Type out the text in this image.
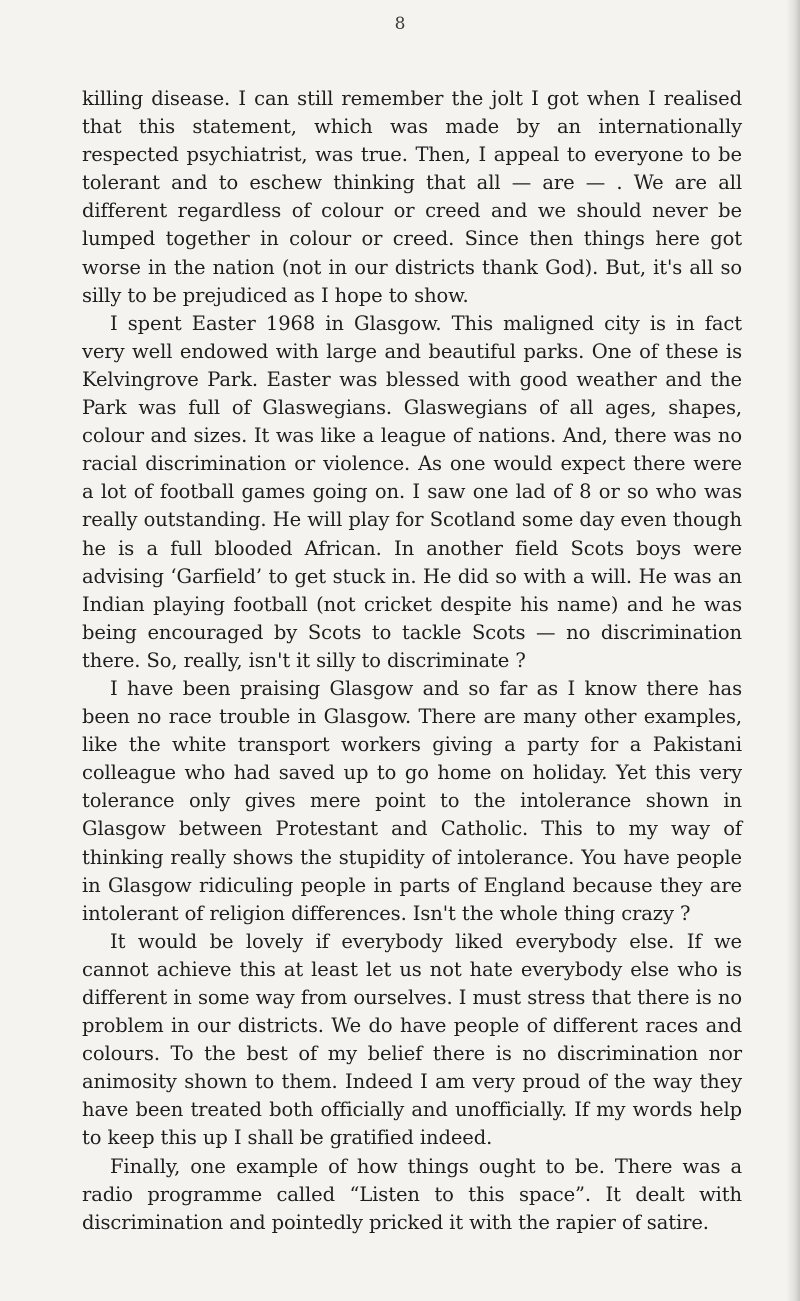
8

killing disease. I can still remember the jolt I got when I realised that this statement, which was made by an internationally respected psychiatrist, was true. Then, I appeal to everyone to be tolerant and to eschew thinking that all — are — . We are all different regardless of colour or creed and we should never be lumped together in colour or creed. Since then things here got worse in the nation (not in our districts thank God). But, it's all so silly to be prejudiced as I hope to show.

I spent Easter 1968 in Glasgow. This maligned city is in fact very well endowed with large and beautiful parks. One of these is Kelvingrove Park. Easter was blessed with good weather and the Park was full of Glaswegians. Glaswegians of all ages, shapes, colour and sizes. It was like a league of nations. And, there was no racial discrimination or violence. As one would expect there were a lot of football games going on. I saw one lad of 8 or so who was really outstanding. He will play for Scotland some day even though he is a full blooded African. In another field Scots boys were advising ‘Garfield’ to get stuck in. He did so with a will. He was an Indian playing football (not cricket despite his name) and he was being encouraged by Scots to tackle Scots — no discrimination there. So, really, isn't it silly to discriminate ?

I have been praising Glasgow and so far as I know there has been no race trouble in Glasgow. There are many other examples, like the white transport workers giving a party for a Pakistani colleague who had saved up to go home on holiday. Yet this very tolerance only gives mere point to the intolerance shown in Glasgow between Protestant and Catholic. This to my way of thinking really shows the stupidity of intolerance. You have people in Glasgow ridiculing people in parts of England because they are intolerant of religion differences. Isn't the whole thing crazy ?

It would be lovely if everybody liked everybody else. If we cannot achieve this at least let us not hate everybody else who is different in some way from ourselves. I must stress that there is no problem in our districts. We do have people of different races and colours. To the best of my belief there is no discrimination nor animosity shown to them. Indeed I am very proud of the way they have been treated both officially and unofficially. If my words help to keep this up I shall be gratified indeed.

Finally, one example of how things ought to be. There was a radio programme called “Listen to this space”. It dealt with discrimination and pointedly pricked it with the rapier of satire.
